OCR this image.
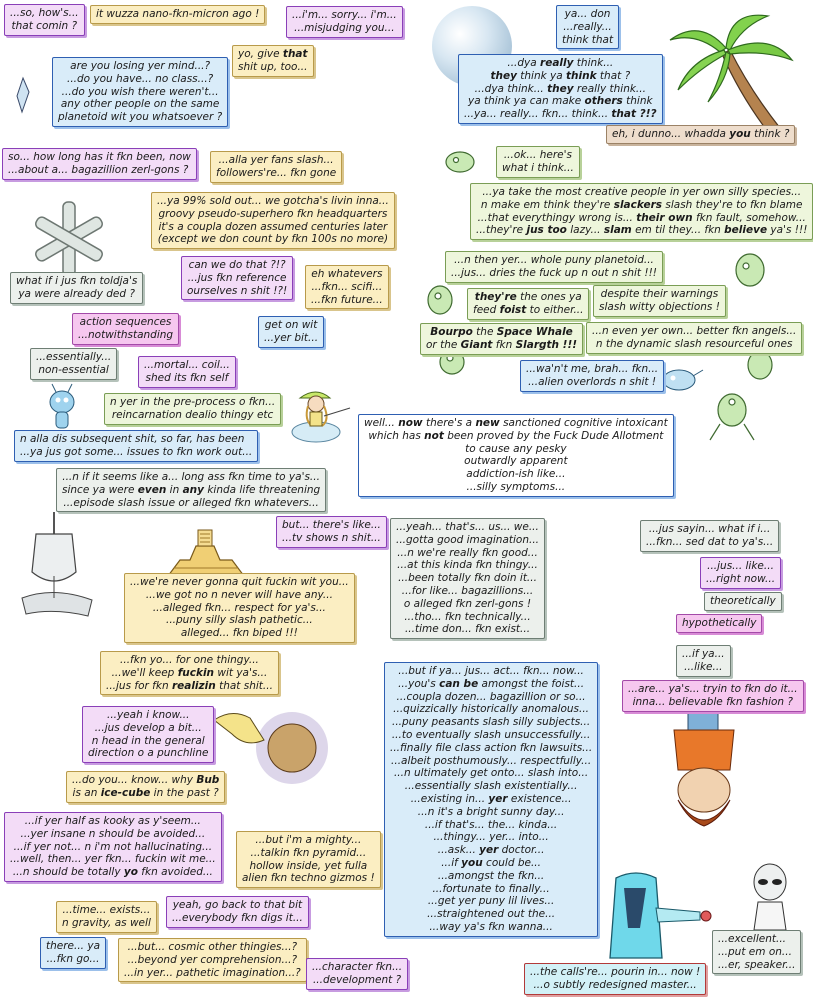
...so, how's...
that comin ?
it wuzza nano-fkn-micron ago !	...i'm... sorry... i'm...
...misjudging you...
are you losing yer mind...?
...do you have... no class...?
...do you wish there weren't...
any other people on the same
planetoid wit you whatsoever ?
yo, give that
shit up, too...
ya... don
...really...
think that
...dya really think...
they think ya think that ?
...dya think... they really think...
ya think ya can make others think
...ya... really... fkn... think... that ?!?
eh, i dunno... whadda you think ?
so... how long has it fkn been, now
...about a... bagazillion zerl-gons ?
...alla yer fans slash...
followers're... fkn gone
...ok... here's
what i think...
...ya 99% sold out... we gotcha's livin inna...
groovy pseudo-superhero fkn headquarters
it's a coupla dozen assumed centuries later
(except we don count by fkn 100s no more)
...ya take the most creative people in yer own silly species...
n make em think they're slackers slash they're to fkn blame
...that everythingy wrong is... their own fkn fault, somehow...
...they're jus too lazy... slam em til they... fkn believe ya's !!!
can we do that ?!?
...jus fkn reference
ourselves n shit !?!
eh whatevers
...fkn... scifi...
...fkn future...
what if i jus fkn toldja's
ya were already ded ?
...n then yer... whole puny planetoid...
...jus... dries the fuck up n out n shit !!!
they're the ones ya
feed foist to either...
despite their warnings
slash witty objections !
action sequences
...notwithstanding
get on wit
...yer bit...	Bourpo the Space Whale
or the Giant fkn Slargth !!!
...n even yer own... better fkn angels...
n the dynamic slash resourceful ones
...essentially...
non-essential	...mortal... coil...
shed its fkn self
...wa'n't me, brah... fkn...
...alien overlords n shit !
n yer in the pre-process o fkn...
reincarnation dealio thingy etc
well... now there's a new sanctioned cognitive intoxicant
which has not been proved by the Fuck Dude Allotment
to cause any pesky
outwardly apparent
addiction-ish like...
...silly symptoms...
n alla dis subsequent shit, so far, has been
...ya jus got some... issues to fkn work out...
...n if it seems like a... long ass fkn time to ya's...
since ya were even in any kinda life threatening
...episode slash issue or alleged fkn whatevers...
but... there's like...
...tv shows n shit...
...yeah... that's... us... we...
...gotta good imagination...
...n we're really fkn good...
...at this kinda fkn thingy...
...been totally fkn doin it...
...for like... bagazillions...
o alleged fkn zerl-gons !
...tho... fkn technically...
...time don... fkn exist...
...jus sayin... what if i...
...fkn... sed dat to ya's...
...we're never gonna quit fuckin wit you...
...we got no n never will have any...
...alleged fkn... respect for ya's...
...puny silly slash pathetic...
alleged... fkn biped !!!
...jus... like...
...right now...
theoretically
hypothetically
...fkn yo... for one thingy...
...we'll keep fuckin wit ya's...
...jus for fkn realizin that shit...
...if ya...
...like...
...but if ya... jus... act... fkn... now...
...you's can be amongst the foist...
...coupla dozen... bagazillion or so...
...quizzically historically anomalous...
...puny peasants slash silly subjects...
...to eventually slash unsuccessfully...
...finally file class action fkn lawsuits...
...albeit posthumously... respectfully...
...n ultimately get onto... slash into...
...essentially slash existentially...
...existing in... yer existence...
...n it's a bright sunny day...
...if that's... the... kinda...
...thingy... yer... into...
...ask... yer doctor...
...if you could be...
...amongst the fkn...
...fortunate to finally...
...get yer puny lil lives...
...straightened out the...
...way ya's fkn wanna...
...are... ya's... tryin to fkn do it...
inna... believable fkn fashion ?
...yeah i know...
...jus develop a bit...
n head in the general
direction o a punchline
...do you... know... why Bub
is an ice-cube in the past ?
...if yer half as kooky as y'seem...
...yer insane n should be avoided...
...if yer not... n i'm not hallucinating...
...well, then... yer fkn... fuckin wit me...
...n should be totally yo fkn avoided...
...but i'm a mighty...
...talkin fkn pyramid...
hollow inside, yet fulla
alien fkn techno gizmos !
...time... exists...
n gravity, as well
yeah, go back to that bit
...everybody fkn digs it...
there... ya
...fkn go...
...but... cosmic other thingies...?
...beyond yer comprehension...?
...in yer... pathetic imagination...? ...character fkn...
...development ?
...excellent...
...put em on...
...er, speaker...
...the calls're... pourin in... now !
...o subtly redesigned master...
